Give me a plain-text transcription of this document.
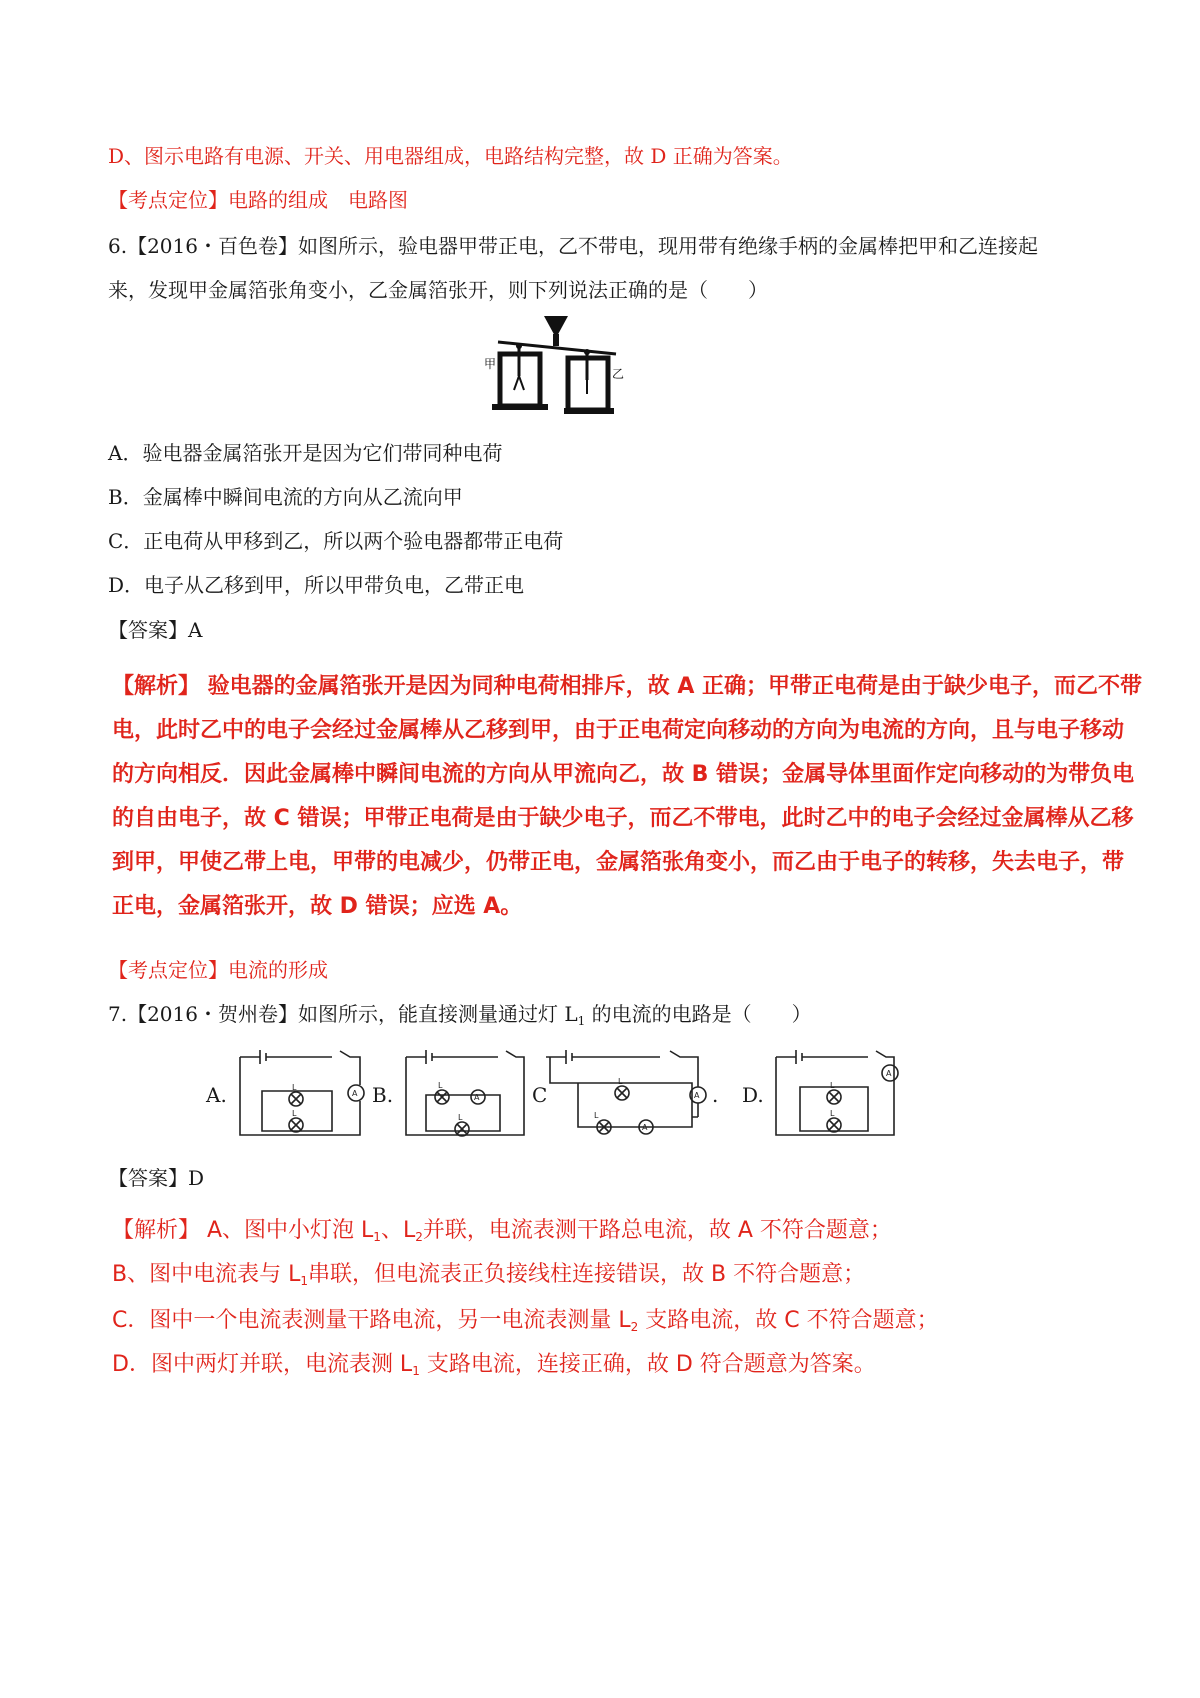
D、图示电路有电源、开关、用电器组成，电路结构完整，故 D 正确为答案。
【考点定位】电路的组成　电路图
6.【2016・百色卷】如图所示，验电器甲带正电，乙不带电，现用带有绝缘手柄的金属棒把甲和乙连接起
来，发现甲金属箔张角变小，乙金属箔张开，则下列说法正确的是（　　）
甲
乙
A．验电器金属箔张开是因为它们带同种电荷
B．金属棒中瞬间电流的方向从乙流向甲
C．正电荷从甲移到乙，所以两个验电器都带正电荷
D．电子从乙移到甲，所以甲带负电，乙带正电
【答案】A
【解析】 验电器的金属箔张开是因为同种电荷相排斥，故 A 正确；甲带正电荷是由于缺少电子，而乙不带
电，此时乙中的电子会经过金属棒从乙移到甲，由于正电荷定向移动的方向为电流的方向，且与电子移动
的方向相反．因此金属棒中瞬间电流的方向从甲流向乙，故 B 错误；金属导体里面作定向移动的为带负电
的自由电子，故 C 错误；甲带正电荷是由于缺少电子，而乙不带电，此时乙中的电子会经过金属棒从乙移
到甲，甲使乙带上电，甲带的电减少，仍带正电，金属箔张角变小，而乙由于电子的转移，失去电子，带
正电，金属箔张开，故 D 错误；应选 A。
【考点定位】电流的形成
7.【2016・贺州卷】如图所示，能直接测量通过灯 $L_1$ 的电流的电路是（　　）
A.	B.	C	. D.
A
L
L
A
L
L
A
A
L
L
A
L
L
【答案】D
【解析】 A、图中小灯泡 $L_1$、$L_2$并联，电流表测干路总电流，故 A 不符合题意；
B、图中电流表与 $L_1$串联，但电流表正负接线柱连接错误，故 B 不符合题意；
C．图中一个电流表测量干路电流，另一电流表测量 $L_2$ 支路电流，故 C 不符合题意；
D．图中两灯并联，电流表测 $L_1$ 支路电流，连接正确，故 D 符合题意为答案。
